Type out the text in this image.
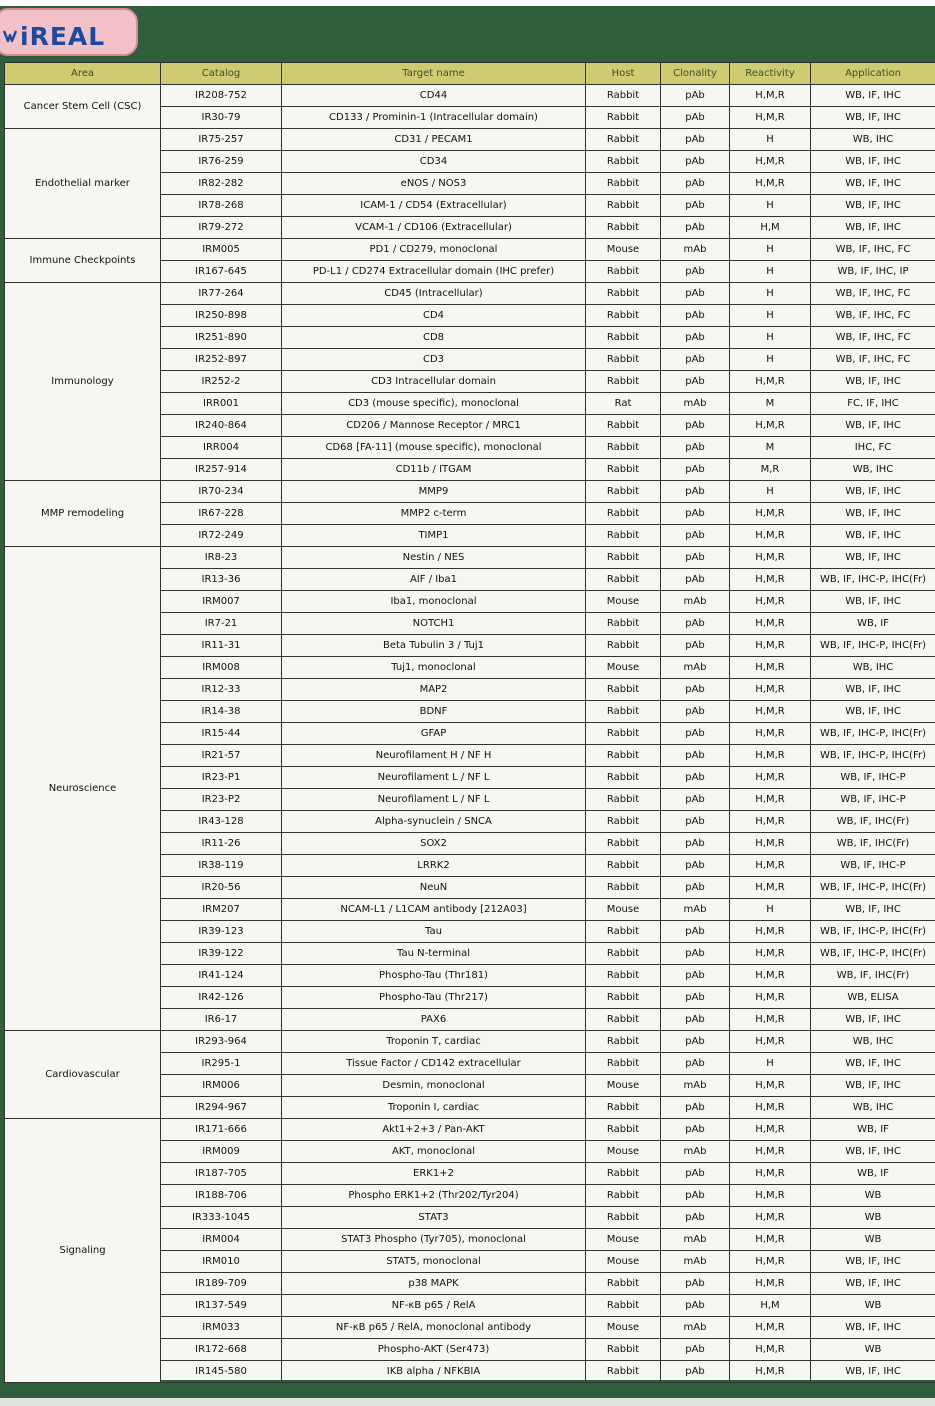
iREAL
Area	Catalog	Target name	Host	Clonality	Reactivity	Application
Cancer Stem Cell (CSC)	IR208-752	CD44	Rabbit	pAb	H,M,R	WB, IF, IHC
	IR30-79	CD133 / Prominin-1 (Intracellular domain)	Rabbit	pAb	H,M,R	WB, IF, IHC
Endothelial marker	IR75-257	CD31 / PECAM1	Rabbit	pAb	H	WB, IHC
	IR76-259	CD34	Rabbit	pAb	H,M,R	WB, IF, IHC
	IR82-282	eNOS / NOS3	Rabbit	pAb	H,M,R	WB, IF, IHC
	IR78-268	ICAM-1 / CD54 (Extracellular)	Rabbit	pAb	H	WB, IF, IHC
	IR79-272	VCAM-1 / CD106 (Extracellular)	Rabbit	pAb	H,M	WB, IF, IHC
Immune Checkpoints	IRM005	PD1 / CD279, monoclonal	Mouse	mAb	H	WB, IF, IHC, FC
	IR167-645	PD-L1 / CD274 Extracellular domain (IHC prefer)	Rabbit	pAb	H	WB, IF, IHC, IP
Immunology	IR77-264	CD45 (Intracellular)	Rabbit	pAb	H	WB, IF, IHC, FC
	IR250-898	CD4	Rabbit	pAb	H	WB, IF, IHC, FC
	IR251-890	CD8	Rabbit	pAb	H	WB, IF, IHC, FC
	IR252-897	CD3	Rabbit	pAb	H	WB, IF, IHC, FC
	IR252-2	CD3 Intracellular domain	Rabbit	pAb	H,M,R	WB, IF, IHC
	IRR001	CD3 (mouse specific), monoclonal	Rat	mAb	M	FC, IF, IHC
	IR240-864	CD206 / Mannose Receptor / MRC1	Rabbit	pAb	H,M,R	WB, IF, IHC
	IRR004	CD68 [FA-11] (mouse specific), monoclonal	Rabbit	pAb	M	IHC, FC
	IR257-914	CD11b / ITGAM	Rabbit	pAb	M,R	WB, IHC
MMP remodeling	IR70-234	MMP9	Rabbit	pAb	H	WB, IF, IHC
	IR67-228	MMP2 c-term	Rabbit	pAb	H,M,R	WB, IF, IHC
	IR72-249	TIMP1	Rabbit	pAb	H,M,R	WB, IF, IHC
Neuroscience	IR8-23	Nestin / NES	Rabbit	pAb	H,M,R	WB, IF, IHC
	IR13-36	AIF / Iba1	Rabbit	pAb	H,M,R	WB, IF, IHC-P, IHC(Fr)
	IRM007	Iba1, monoclonal	Mouse	mAb	H,M,R	WB, IF, IHC
	IR7-21	NOTCH1	Rabbit	pAb	H,M,R	WB, IF
	IR11-31	Beta Tubulin 3 / Tuj1	Rabbit	pAb	H,M,R	WB, IF, IHC-P, IHC(Fr)
	IRM008	Tuj1, monoclonal	Mouse	mAb	H,M,R	WB, IHC
	IR12-33	MAP2	Rabbit	pAb	H,M,R	WB, IF, IHC
	IR14-38	BDNF	Rabbit	pAb	H,M,R	WB, IF, IHC
	IR15-44	GFAP	Rabbit	pAb	H,M,R	WB, IF, IHC-P, IHC(Fr)
	IR21-57	Neurofilament H / NF H	Rabbit	pAb	H,M,R	WB, IF, IHC-P, IHC(Fr)
	IR23-P1	Neurofilament L / NF L	Rabbit	pAb	H,M,R	WB, IF, IHC-P
	IR23-P2	Neurofilament L / NF L	Rabbit	pAb	H,M,R	WB, IF, IHC-P
	IR43-128	Alpha-synuclein / SNCA	Rabbit	pAb	H,M,R	WB, IF, IHC(Fr)
	IR11-26	SOX2	Rabbit	pAb	H,M,R	WB, IF, IHC(Fr)
	IR38-119	LRRK2	Rabbit	pAb	H,M,R	WB, IF, IHC-P
	IR20-56	NeuN	Rabbit	pAb	H,M,R	WB, IF, IHC-P, IHC(Fr)
	IRM207	NCAM-L1 / L1CAM antibody [212A03]	Mouse	mAb	H	WB, IF, IHC
	IR39-123	Tau	Rabbit	pAb	H,M,R	WB, IF, IHC-P, IHC(Fr)
	IR39-122	Tau N-terminal	Rabbit	pAb	H,M,R	WB, IF, IHC-P, IHC(Fr)
	IR41-124	Phospho-Tau (Thr181)	Rabbit	pAb	H,M,R	WB, IF, IHC(Fr)
	IR42-126	Phospho-Tau (Thr217)	Rabbit	pAb	H,M,R	WB, ELISA
	IR6-17	PAX6	Rabbit	pAb	H,M,R	WB, IF, IHC
Cardiovascular	IR293-964	Troponin T, cardiac	Rabbit	pAb	H,M,R	WB, IHC
	IR295-1	Tissue Factor / CD142 extracellular	Rabbit	pAb	H	WB, IF, IHC
	IRM006	Desmin, monoclonal	Mouse	mAb	H,M,R	WB, IF, IHC
	IR294-967	Troponin I, cardiac	Rabbit	pAb	H,M,R	WB, IHC
Signaling	IR171-666	Akt1+2+3 / Pan-AKT	Rabbit	pAb	H,M,R	WB, IF
	IRM009	AKT, monoclonal	Mouse	mAb	H,M,R	WB, IF, IHC
	IR187-705	ERK1+2	Rabbit	pAb	H,M,R	WB, IF
	IR188-706	Phospho ERK1+2 (Thr202/Tyr204)	Rabbit	pAb	H,M,R	WB
	IR333-1045	STAT3	Rabbit	pAb	H,M,R	WB
	IRM004	STAT3 Phospho (Tyr705), monoclonal	Mouse	mAb	H,M,R	WB
	IRM010	STAT5, monoclonal	Mouse	mAb	H,M,R	WB, IF, IHC
	IR189-709	p38 MAPK	Rabbit	pAb	H,M,R	WB, IF, IHC
	IR137-549	NF-κB p65 / RelA	Rabbit	pAb	H,M	WB
	IRM033	NF-κB p65 / RelA, monoclonal antibody	Mouse	mAb	H,M,R	WB, IF, IHC
	IR172-668	Phospho-AKT (Ser473)	Rabbit	pAb	H,M,R	WB
	IR145-580	IKB alpha / NFKBIA	Rabbit	pAb	H,M,R	WB, IF, IHC
